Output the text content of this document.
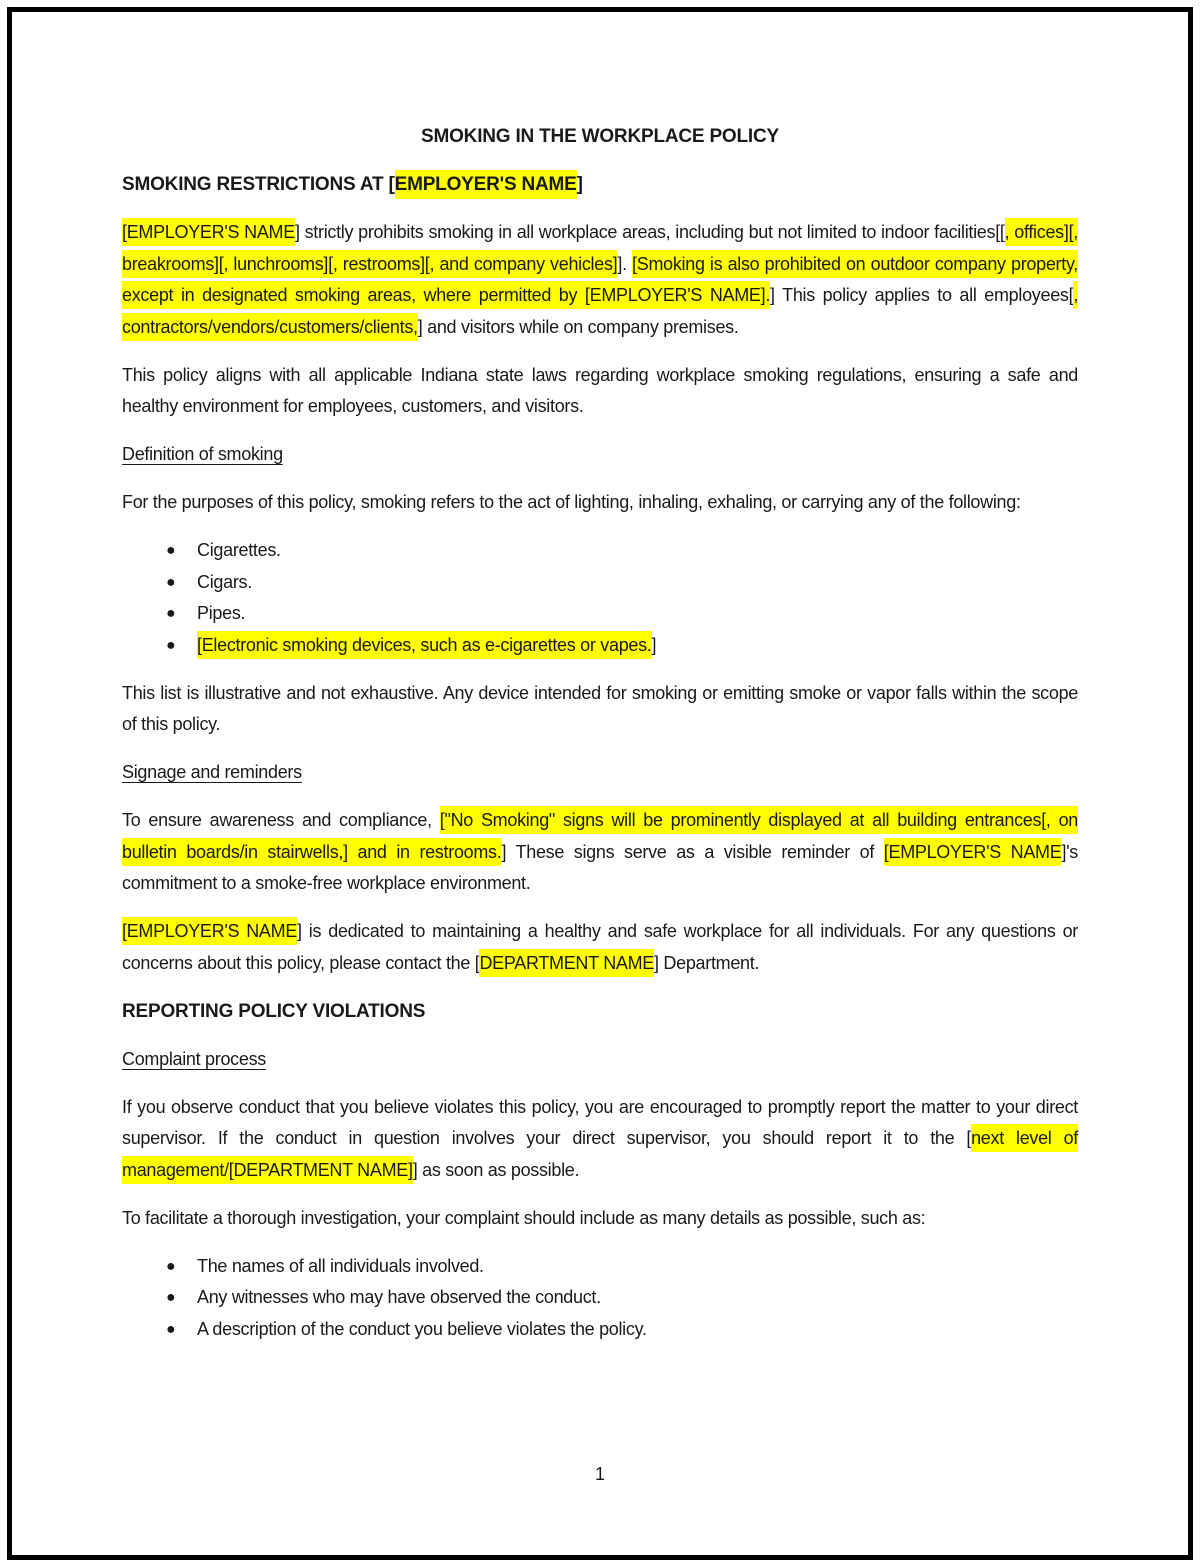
SMOKING IN THE WORKPLACE POLICY
SMOKING RESTRICTIONS AT [EMPLOYER'S NAME]
[EMPLOYER'S NAME] strictly prohibits smoking in all workplace areas, including but not limited to indoor facilities[[, offices][, breakrooms][, lunchrooms][, restrooms][, and company vehicles]]. [Smoking is also prohibited on outdoor company property, except in designated smoking areas, where permitted by [EMPLOYER'S NAME].] This policy applies to all employees[, contractors/vendors/customers/clients,] and visitors while on company premises.
This policy aligns with all applicable Indiana state laws regarding workplace smoking regulations, ensuring a safe and healthy environment for employees, customers, and visitors.
Definition of smoking
For the purposes of this policy, smoking refers to the act of lighting, inhaling, exhaling, or carrying any of the following:
● Cigarettes.
● Cigars.
● Pipes.
● [Electronic smoking devices, such as e-cigarettes or vapes.]
This list is illustrative and not exhaustive. Any device intended for smoking or emitting smoke or vapor falls within the scope of this policy.
Signage and reminders
To ensure awareness and compliance, ["No Smoking" signs will be prominently displayed at all building entrances[, on bulletin boards/in stairwells,] and in restrooms.] These signs serve as a visible reminder of [EMPLOYER'S NAME]'s commitment to a smoke-free workplace environment.
[EMPLOYER'S NAME] is dedicated to maintaining a healthy and safe workplace for all individuals. For any questions or concerns about this policy, please contact the [DEPARTMENT NAME] Department.
REPORTING POLICY VIOLATIONS
Complaint process
If you observe conduct that you believe violates this policy, you are encouraged to promptly report the matter to your direct supervisor. If the conduct in question involves your direct supervisor, you should report it to the [next level of management/[DEPARTMENT NAME]] as soon as possible.
To facilitate a thorough investigation, your complaint should include as many details as possible, such as:
● The names of all individuals involved.
● Any witnesses who may have observed the conduct.
● A description of the conduct you believe violates the policy.
1
